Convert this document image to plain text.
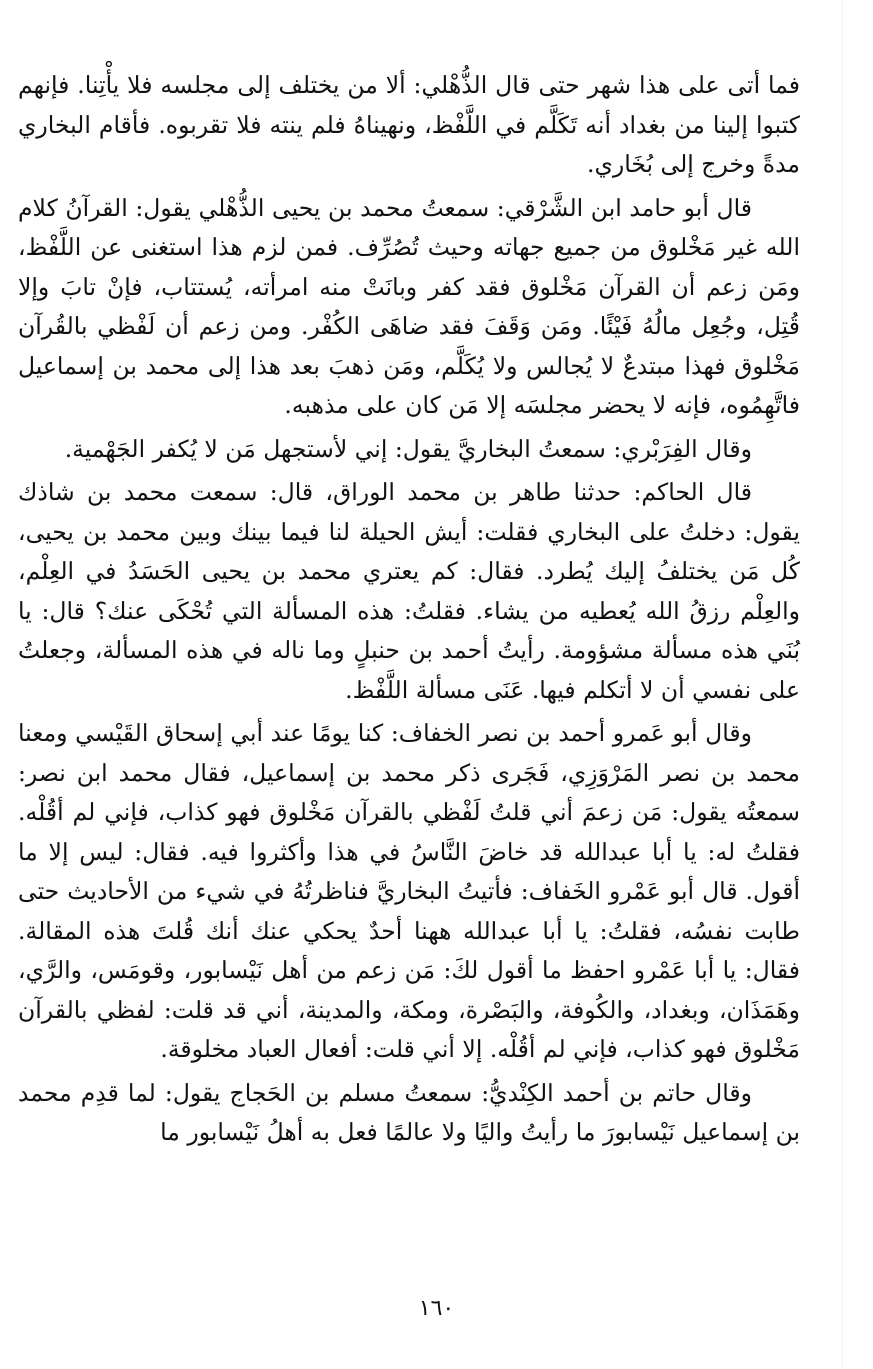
فما أتى على هذا شهر حتى قال الذُّهْلي: ألا من يختلف إلى مجلسه فلا يأْتِنا. فإنهم كتبوا إلينا من بغداد أنه تَكَلَّم في اللَّفْظ، ونهيناهُ فلم ينته فلا تقربوه. فأقام البخاري مدةً وخرج إلى بُخَاري.

قال أبو حامد ابن الشَّرْقي: سمعتُ محمد بن يحيى الذُّهْلي يقول: القرآنُ كلام الله غير مَخْلوق من جميع جهاته وحيث تُصُرِّف. فمن لزم هذا استغنى عن اللَّفْظ، ومَن زعم أن القرآن مَخْلوق فقد كفر وبانَتْ منه امرأته، يُستتاب، فإنْ تابَ وإلا قُتِل، وجُعِل مالُهُ فَيْئًا. ومَن وَقَفَ فقد ضاهَى الكُفْر. ومن زعم أن لَفْظي بالقُرآن مَخْلوق فهذا مبتدعٌ لا يُجالس ولا يُكَلَّم، ومَن ذهبَ بعد هذا إلى محمد بن إسماعيل فاتَّهِمُوه، فإنه لا يحضر مجلسَه إلا مَن كان على مذهبه.

وقال الفِرَبْري: سمعتُ البخاريَّ يقول: إني لأستجهل مَن لا يُكفر الجَهْمية.

قال الحاكم: حدثنا طاهر بن محمد الوراق، قال: سمعت محمد بن شاذك يقول: دخلتُ على البخاري فقلت: أيش الحيلة لنا فيما بينك وبين محمد بن يحيى، كُل مَن يختلفُ إليك يُطرد. فقال: كم يعتري محمد بن يحيى الحَسَدُ في العِلْم، والعِلْم رزقُ الله يُعطيه من يشاء. فقلتُ: هذه المسألة التي تُحْكَى عنك؟ قال: يا بُنَي هذه مسألة مشؤومة. رأيتُ أحمد بن حنبلٍ وما ناله في هذه المسألة، وجعلتُ على نفسي أن لا أتكلم فيها. عَنَى مسألة اللَّفْظ.

وقال أبو عَمرو أحمد بن نصر الخفاف: كنا يومًا عند أبي إسحاق القَيْسي ومعنا محمد بن نصر المَرْوَزِي، فَجَرى ذكر محمد بن إسماعيل، فقال محمد ابن نصر: سمعتُه يقول: مَن زعمَ أني قلتُ لَفْظي بالقرآن مَخْلوق فهو كذاب، فإني لم أقُلْه. فقلتُ له: يا أبا عبدالله قد خاضَ النَّاسُ في هذا وأكثروا فيه. فقال: ليس إلا ما أقول. قال أبو عَمْرو الخَفاف: فأتيتُ البخاريَّ فناظرتُهُ في شيء من الأحاديث حتى طابت نفسُه، فقلتُ: يا أبا عبدالله ههنا أحدٌ يحكي عنك أنك قُلتَ هذه المقالة. فقال: يا أبا عَمْرو احفظ ما أقول لكَ: مَن زعم من أهل نَيْسابور، وقومَس، والرَّي، وهَمَذَان، وبغداد، والكُوفة، والبَصْرة، ومكة، والمدينة، أني قد قلت: لفظي بالقرآن مَخْلوق فهو كذاب، فإني لم أقُلْه. إلا أني قلت: أفعال العباد مخلوقة.

وقال حاتم بن أحمد الكِنْديُّ: سمعتُ مسلم بن الحَجاج يقول: لما قدِم محمد بن إسماعيل نَيْسابورَ ما رأيتُ واليًا ولا عالمًا فعل به أهلُ نَيْسابور ما

١٦٠
